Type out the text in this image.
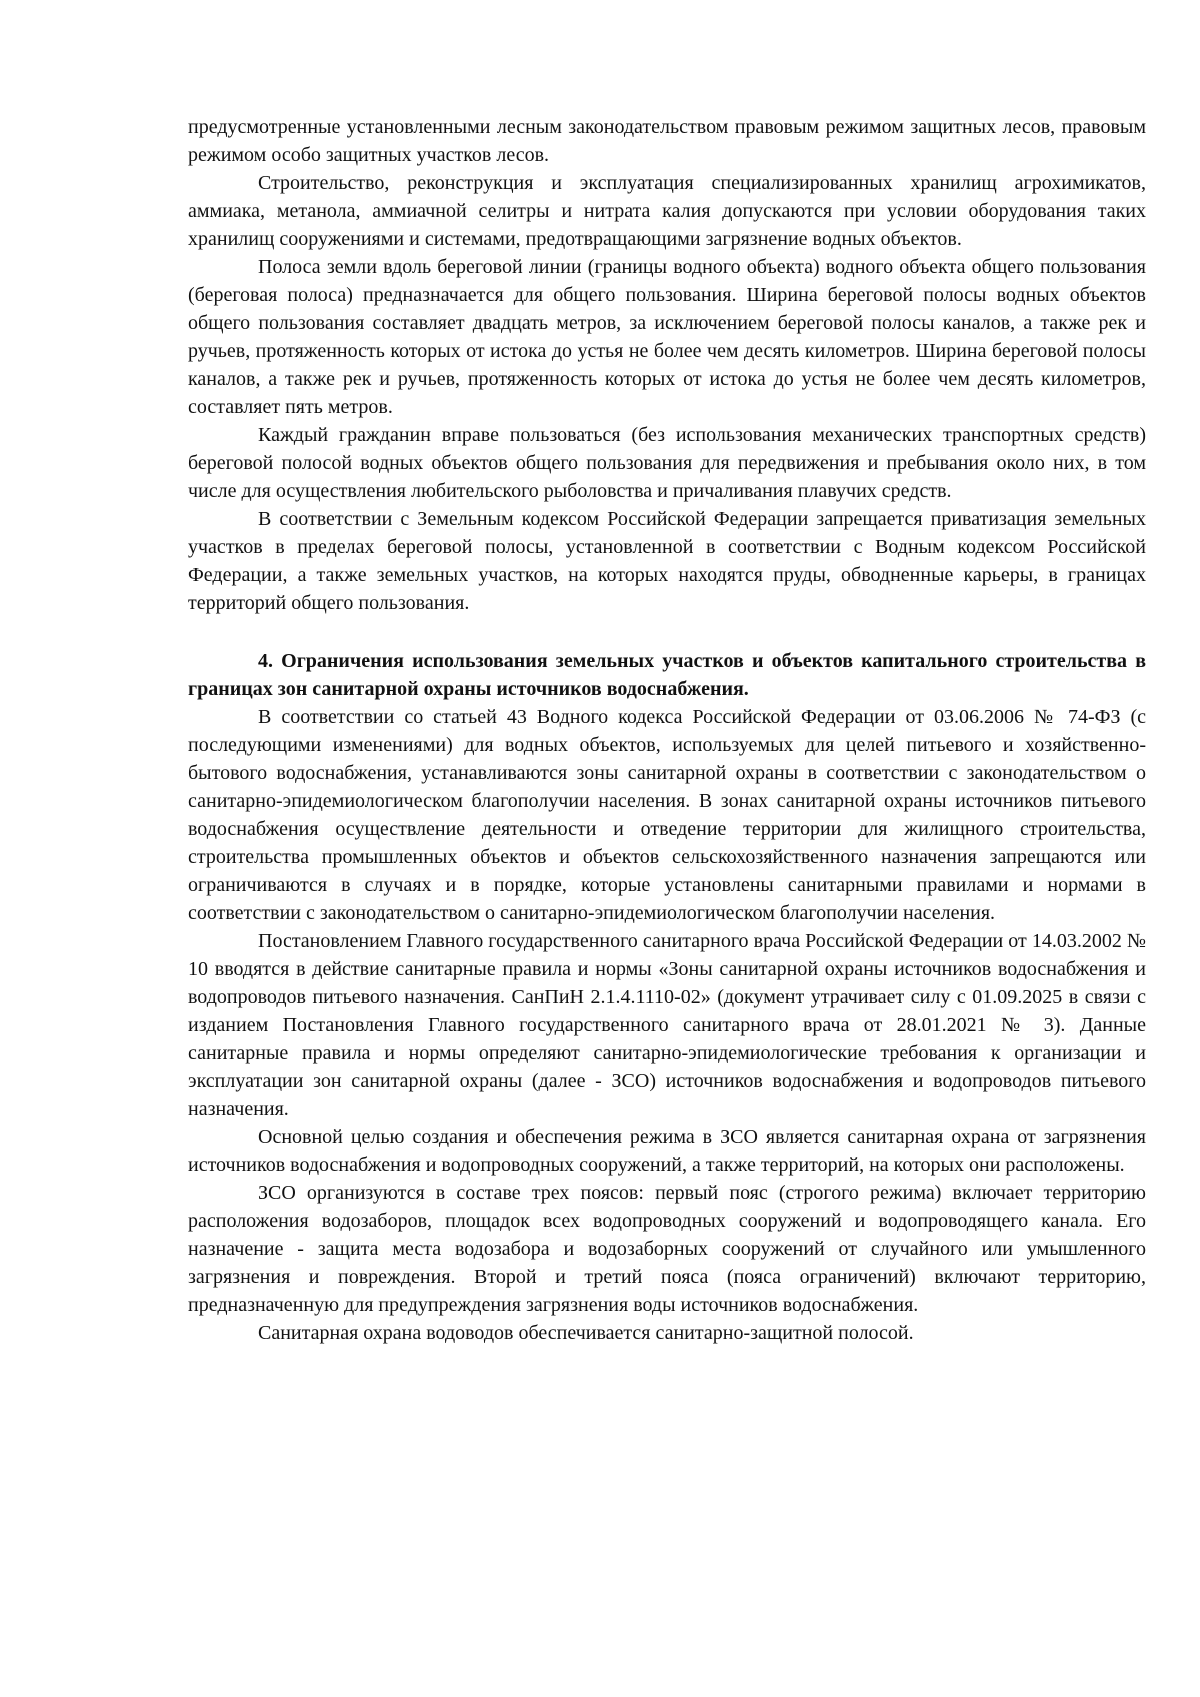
предусмотренные установленными лесным законодательством правовым режимом защитных лесов, правовым режимом особо защитных участков лесов.

Строительство, реконструкция и эксплуатация специализированных хранилищ агрохимикатов, аммиака, метанола, аммиачной селитры и нитрата калия допускаются при условии оборудования таких хранилищ сооружениями и системами, предотвращающими загрязнение водных объектов.

Полоса земли вдоль береговой линии (границы водного объекта) водного объекта общего пользования (береговая полоса) предназначается для общего пользования. Ширина береговой полосы водных объектов общего пользования составляет двадцать метров, за исключением береговой полосы каналов, а также рек и ручьев, протяженность которых от истока до устья не более чем десять километров. Ширина береговой полосы каналов, а также рек и ручьев, протяженность которых от истока до устья не более чем десять километров, составляет пять метров.

Каждый гражданин вправе пользоваться (без использования механических транспортных средств) береговой полосой водных объектов общего пользования для передвижения и пребывания около них, в том числе для осуществления любительского рыболовства и причаливания плавучих средств.

В соответствии с Земельным кодексом Российской Федерации запрещается приватизация земельных участков в пределах береговой полосы, установленной в соответствии с Водным кодексом Российской Федерации, а также земельных участков, на которых находятся пруды, обводненные карьеры, в границах территорий общего пользования.

4. Ограничения использования земельных участков и объектов капитального строительства в границах зон санитарной охраны источников водоснабжения.

В соответствии со статьей 43 Водного кодекса Российской Федерации от 03.06.2006 № 74-ФЗ (с последующими изменениями) для водных объектов, используемых для целей питьевого и хозяйственно-бытового водоснабжения, устанавливаются зоны санитарной охраны в соответствии с законодательством о санитарно-эпидемиологическом благополучии населения. В зонах санитарной охраны источников питьевого водоснабжения осуществление деятельности и отведение территории для жилищного строительства, строительства промышленных объектов и объектов сельскохозяйственного назначения запрещаются или ограничиваются в случаях и в порядке, которые установлены санитарными правилами и нормами в соответствии с законодательством о санитарно-эпидемиологическом благополучии населения.

Постановлением Главного государственного санитарного врача Российской Федерации от 14.03.2002 № 10 вводятся в действие санитарные правила и нормы «Зоны санитарной охраны источников водоснабжения и водопроводов питьевого назначения. СанПиН 2.1.4.1110-02» (документ утрачивает силу с 01.09.2025 в связи с изданием Постановления Главного государственного санитарного врача от 28.01.2021 № 3). Данные санитарные правила и нормы определяют санитарно-эпидемиологические требования к организации и эксплуатации зон санитарной охраны (далее - ЗСО) источников водоснабжения и водопроводов питьевого назначения.

Основной целью создания и обеспечения режима в ЗСО является санитарная охрана от загрязнения источников водоснабжения и водопроводных сооружений, а также территорий, на которых они расположены.

ЗСО организуются в составе трех поясов: первый пояс (строгого режима) включает территорию расположения водозаборов, площадок всех водопроводных сооружений и водопроводящего канала. Его назначение - защита места водозабора и водозаборных сооружений от случайного или умышленного загрязнения и повреждения. Второй и третий пояса (пояса ограничений) включают территорию, предназначенную для предупреждения загрязнения воды источников водоснабжения.

Санитарная охрана водоводов обеспечивается санитарно-защитной полосой.
